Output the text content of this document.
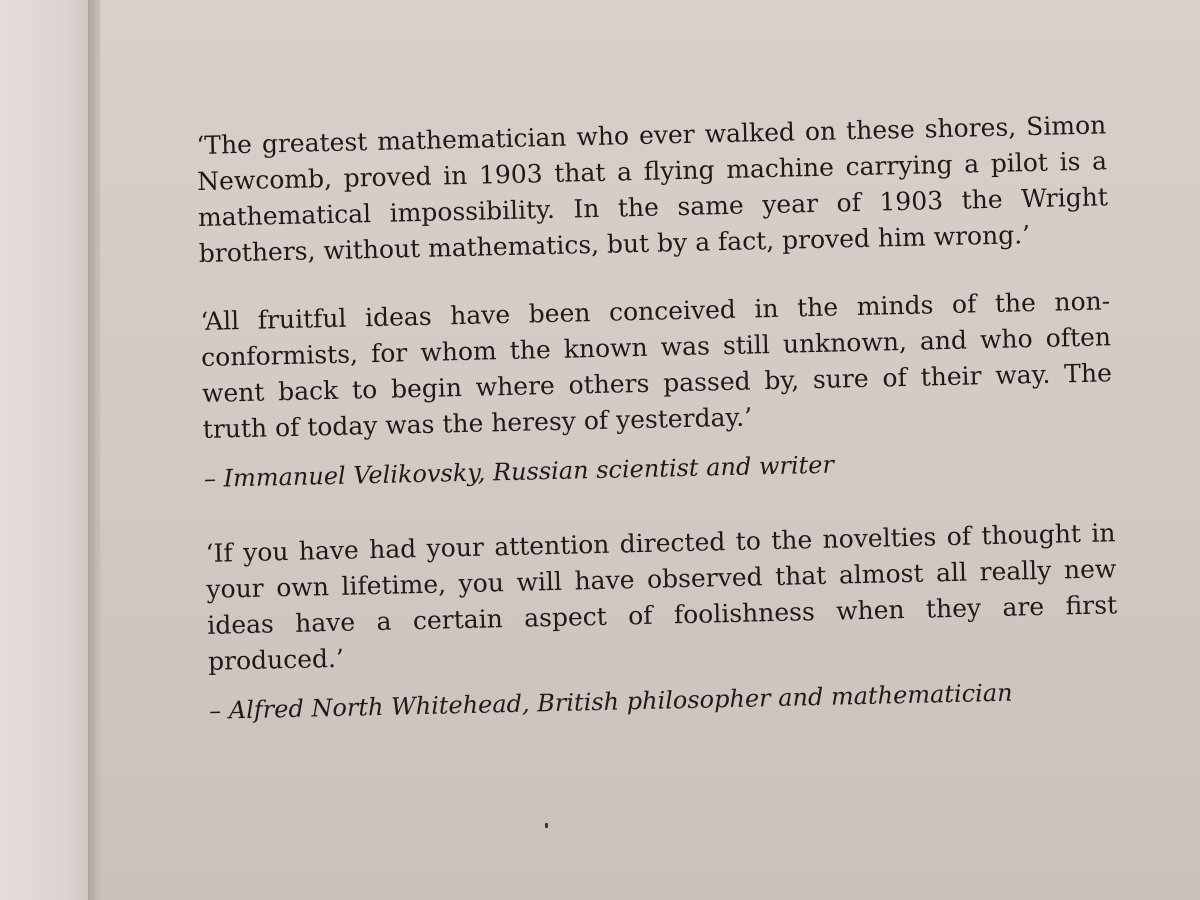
‘The greatest mathematician who ever walked on these shores, Simon Newcomb, proved in 1903 that a flying machine carrying a pilot is a mathematical impossibility. In the same year of 1903 the Wright brothers, without mathematics, but by a fact, proved him wrong.’

‘All fruitful ideas have been conceived in the minds of the non-conformists, for whom the known was still unknown, and who often went back to begin where others passed by, sure of their way. The truth of today was the heresy of yesterday.’

– Immanuel Velikovsky, Russian scientist and writer

‘If you have had your attention directed to the novelties of thought in your own lifetime, you will have observed that almost all really new ideas have a certain aspect of foolishness when they are first produced.’

– Alfred North Whitehead, British philosopher and mathematician
